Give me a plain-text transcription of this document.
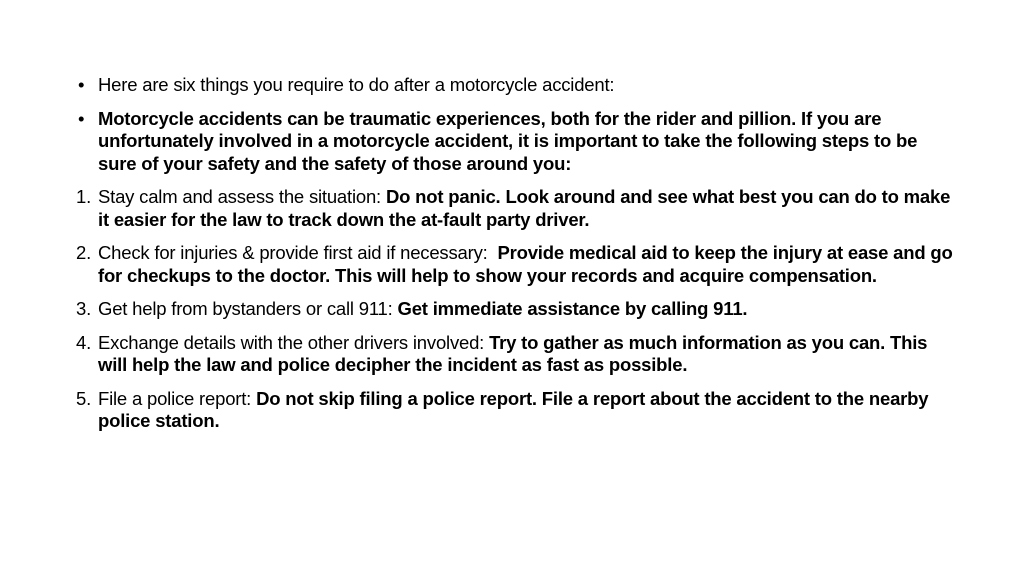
• Here are six things you require to do after a motorcycle accident:
• Motorcycle accidents can be traumatic experiences, both for the rider and pillion. If you are unfortunately involved in a motorcycle accident, it is important to take the following steps to be sure of your safety and the safety of those around you:
1. Stay calm and assess the situation: Do not panic. Look around and see what best you can do to make it easier for the law to track down the at-fault party driver.
2. Check for injuries & provide first aid if necessary:  Provide medical aid to keep the injury at ease and go for checkups to the doctor. This will help to show your records and acquire compensation.
3. Get help from bystanders or call 911: Get immediate assistance by calling 911.
4. Exchange details with the other drivers involved: Try to gather as much information as you can. This will help the law and police decipher the incident as fast as possible.
5. File a police report: Do not skip filing a police report. File a report about the accident to the nearby police station.
